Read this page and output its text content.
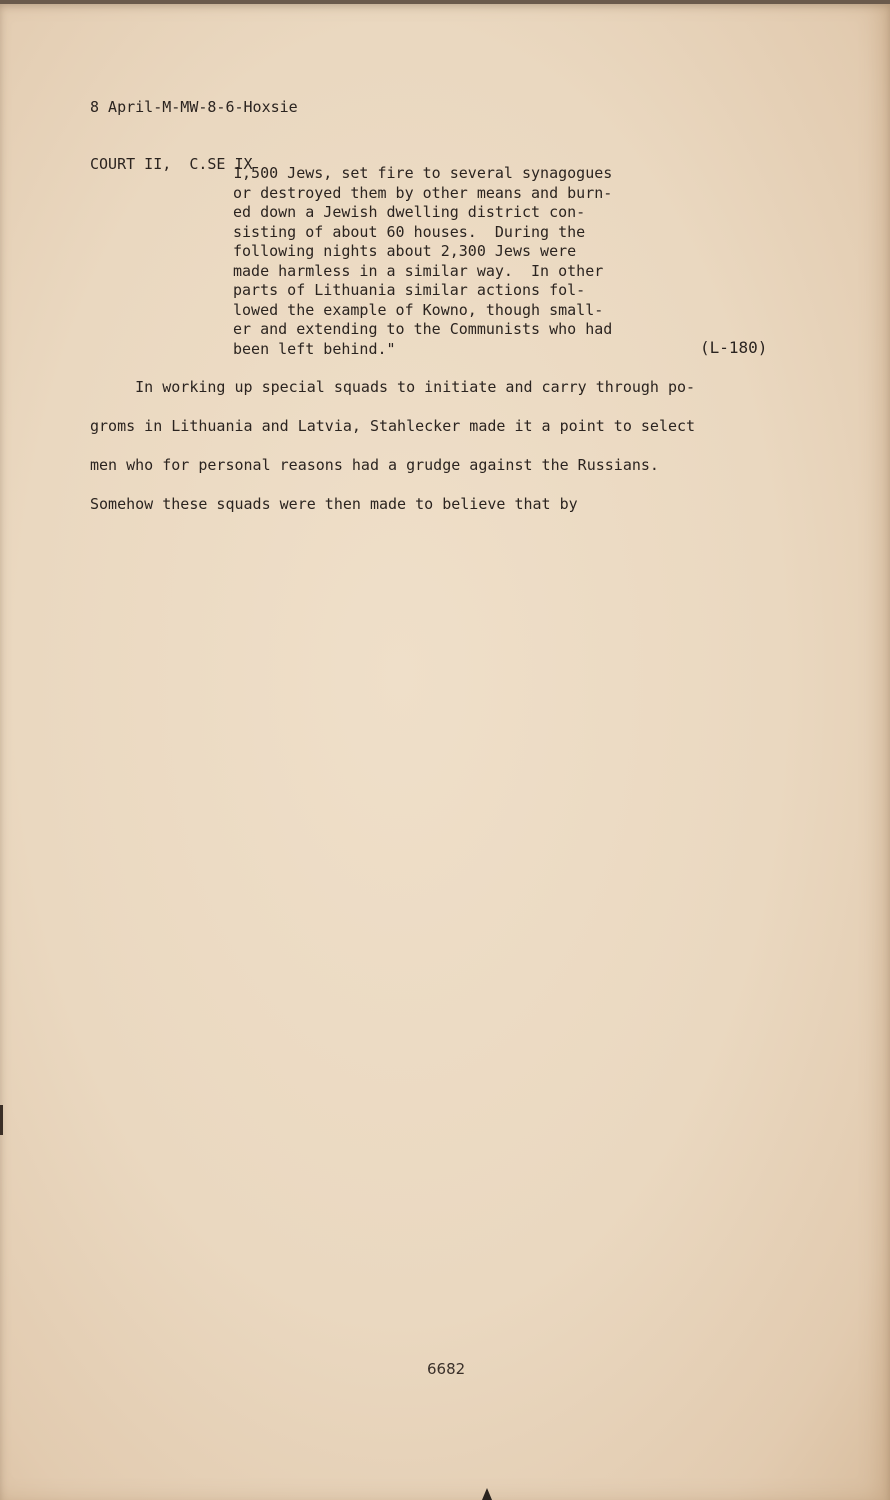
8 April-M-MW-8-6-Hoxsie

COURT II,  C.SE IX

1,500 Jews, set fire to several synagogues
or destroyed them by other means and burn-
ed down a Jewish dwelling district con-
sisting of about 60 houses.  During the
following nights about 2,300 Jews were
made harmless in a similar way.  In other
parts of Lithuania similar actions fol-
lowed the example of Kowno, though small-
er and extending to the Communists who had
been left behind."	(L-180)
In working up special squads to initiate and carry through po-
groms in Lithuania and Latvia, Stahlecker made it a point to select
men who for personal reasons had a grudge against the Russians.
Somehow these squads were then made to believe that by
6682
